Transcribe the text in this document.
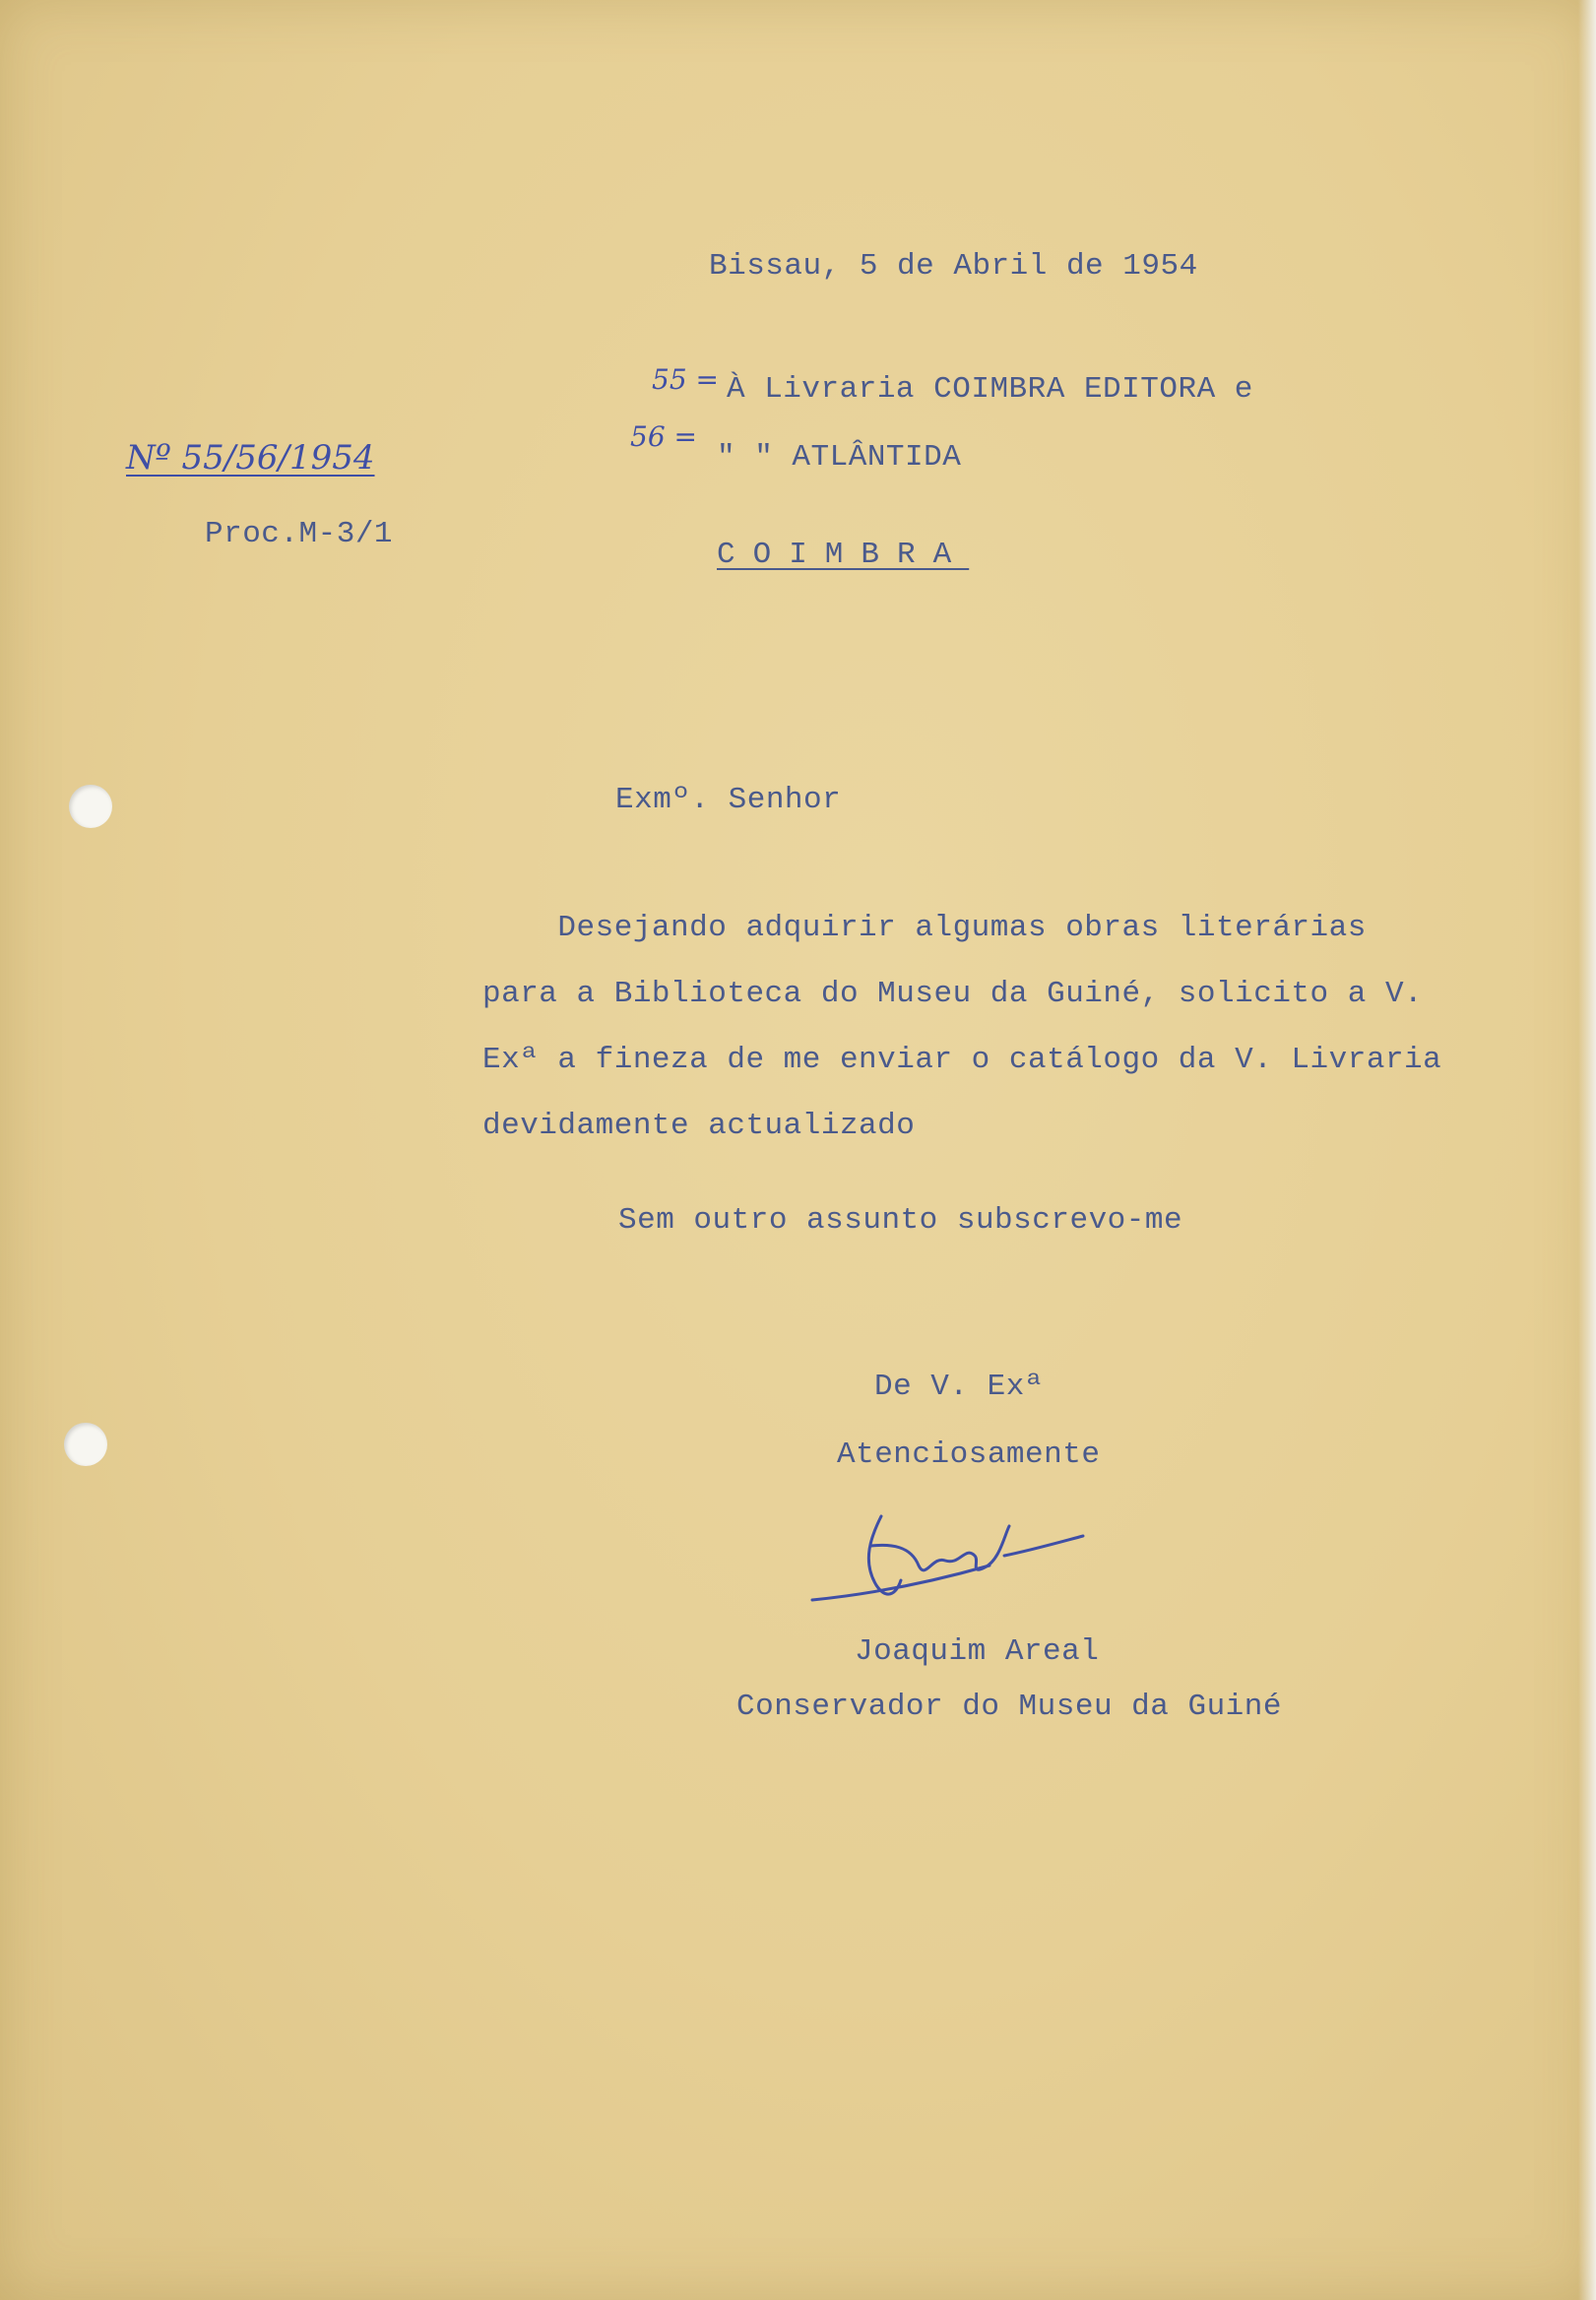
Bissau, 5 de Abril de 1954
55 = À Livraria COIMBRA EDITORA e
56 =
" " ATLÂNTIDA
COIMBRA
Nº 55/56/1954
Proc.M-3/1
Exmº. Senhor
Desejando adquirir algumas obras literárias
para a Biblioteca do Museu da Guiné, solicito a V.
Exª a fineza de me enviar o catálogo da V. Livraria
devidamente actualizado
Sem outro assunto subscrevo-me
De V. Exª
Atenciosamente
Joaquim Areal
Conservador do Museu da Guiné
